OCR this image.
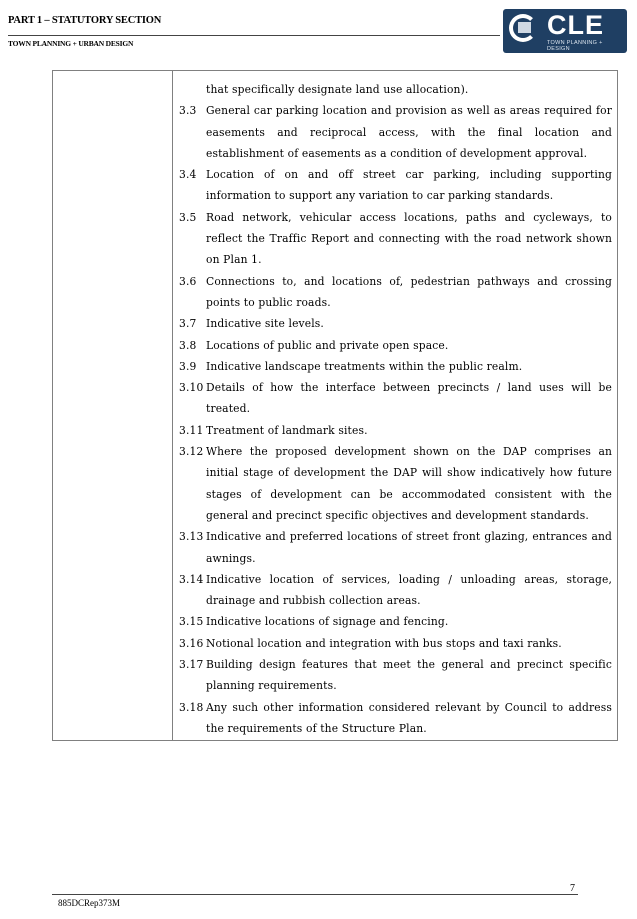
PART 1 – STATUTORY SECTION
TOWN PLANNING + URBAN DESIGN
CLE
TOWN PLANNING + DESIGN
that specifically designate land use allocation).
3.3 General car parking location and provision as well as areas required for easements and reciprocal access, with the final location and establishment of easements as a condition of development approval.
3.4 Location of on and off street car parking, including supporting information to support any variation to car parking standards.
3.5 Road network, vehicular access locations, paths and cycleways, to reflect the Traffic Report and connecting with the road network shown on Plan 1.
3.6 Connections to, and locations of, pedestrian pathways and crossing points to public roads.
3.7 Indicative site levels.
3.8 Locations of public and private open space.
3.9 Indicative landscape treatments within the public realm.
3.10 Details of how the interface between precincts / land uses will be treated.
3.11 Treatment of landmark sites.
3.12 Where the proposed development shown on the DAP comprises an initial stage of development the DAP will show indicatively how future stages of development can be accommodated consistent with the general and precinct specific objectives and development standards.
3.13 Indicative and preferred locations of street front glazing, entrances and awnings.
3.14 Indicative location of services, loading / unloading areas, storage, drainage and rubbish collection areas.
3.15 Indicative locations of signage and fencing.
3.16 Notional location and integration with bus stops and taxi ranks.
3.17 Building design features that meet the general and precinct specific planning requirements.
3.18 Any such other information considered relevant by Council to address the requirements of the Structure Plan.
7
885DCRep373M
